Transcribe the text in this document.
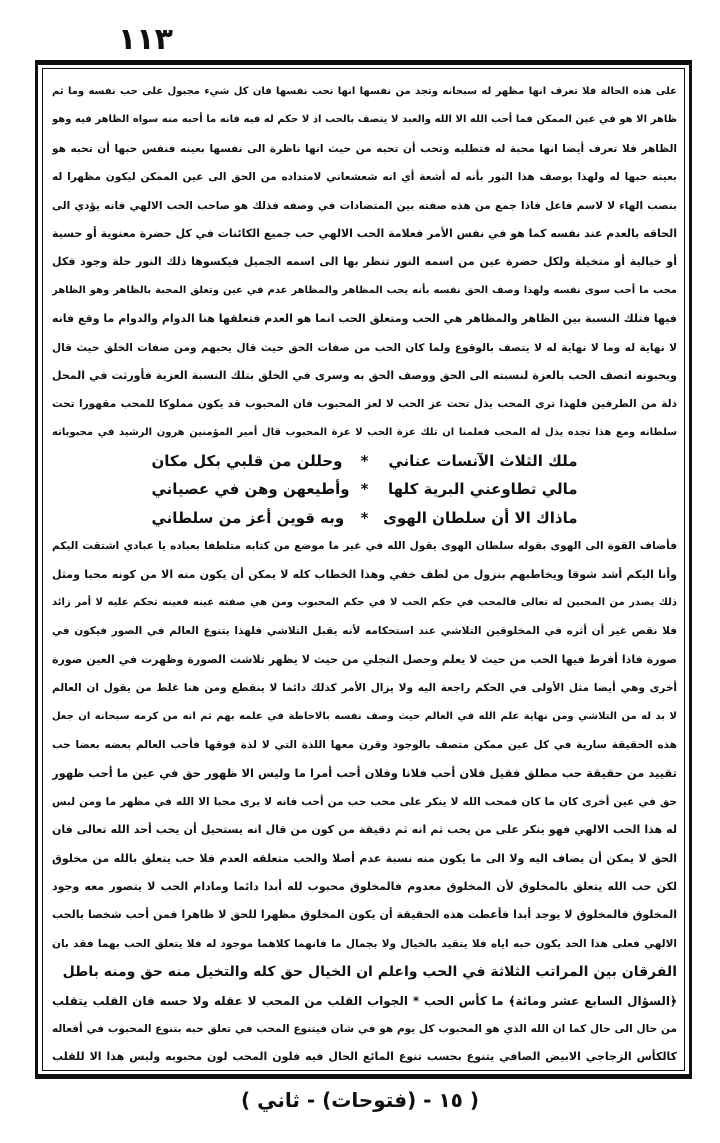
١١٣
على هذه الحالة فلا تعرف انها مظهر له سبحانه وتجد من نفسها انها تحب نفسها فان كل شيء مجبول على حب نفسه وما ثم
ظاهر الا هو في عين الممكن فما أحب الله الا الله والعبد لا يتصف بالحب اذ لا حكم له فيه فانه ما أحبه منه سواه الظاهر فيه وهو
الظاهر فلا تعرف أيضا انها محبة له فتطلبه وتحب أن تحبه من حيث انها ناظرة الى نفسها بعينه فنفس حبها أن تحبه هو
بعينه حبها له ولهذا يوصف هذا النور بأنه له أشعة أي انه شعشعاني لامتداده من الحق الى عين الممكن ليكون مظهرا له
بنصب الهاء لا لاسم فاعل فاذا جمع من هذه صفته بين المتضادات في وصفه فذلك هو صاحب الحب الالهي فانه يؤدي الى
الحاقه بالعدم عند نفسه كما هو في نفس الأمر فعلامة الحب الالهي حب جميع الكائنات في كل حضرة معنوية أو حسية
أو خيالية أو متخيلة ولكل حضرة عين من اسمه النور تنظر بها الى اسمه الجميل فيكسوها ذلك النور حلة وجود فكل
محب ما أحب سوى نفسه ولهذا وصف الحق نفسه بأنه يحب المظاهر والمظاهر عدم في عين وتعلق المحبة بالظاهر وهو الظاهر
فيها فتلك النسبة بين الظاهر والمظاهر هي الحب ومتعلق الحب انما هو العدم فتعلقها هنا الدوام والدوام ما وقع فانه
لا نهاية له وما لا نهاية له لا يتصف بالوقوع ولما كان الحب من صفات الحق حيث قال يحبهم ومن صفات الخلق حيث قال
ويحبونه اتصف الحب بالعزة لنسبته الى الحق ووصف الحق به وسرى في الخلق بتلك النسبة العزية فأورثت في المحل
ذلة من الطرفين فلهذا ترى المحب يذل تحت عز الحب لا لعز المحبوب فان المحبوب قد يكون مملوكا للمحب مقهورا تحت
سلطانه ومع هذا تجده يذل له المحب فعلمنا ان تلك عزة الحب لا عزة المحبوب قال أمير المؤمنين هرون الرشيد في محبوباته
ملك الثلاث الآنسات عناني*وحللن من قلبي بكل مكان
مالي تطاوعني البرية كلها*وأطيعهن وهن في عصياني
ماذاك الا أن سلطان الهوى*وبه قوين أعز من سلطاني
فأضاف القوة الى الهوى بقوله سلطان الهوى يقول الله في غير ما موضع من كتابه متلطفا بعباده يا عبادي اشتقت اليكم
وأنا اليكم أشد شوقا ويخاطبهم بنزول من لطف خفي وهذا الخطاب كله لا يمكن أن يكون منه الا من كونه محبا ومثل
ذلك يصدر من المحبين له تعالى فالمحب في حكم الحب لا في حكم المحبوب ومن هي صفته عينه فعينه تحكم عليه لا أمر زائد
فلا نقص غير أن أثره في المخلوقين التلاشي عند استحكامه لأنه يقبل التلاشي فلهذا يتنوع العالم في الصور فيكون في
صورة فاذا أفرط فيها الحب من حيث لا يعلم وحصل التجلي من حيث لا يظهر تلاشت الصورة وظهرت في العين صورة
أخرى وهي أيضا مثل الأولى في الحكم راجعة اليه ولا يزال الأمر كذلك دائما لا ينقطع ومن هنا غلط من يقول ان العالم
لا بد له من التلاشي ومن نهاية علم الله في العالم حيث وصف نفسه بالاحاطة في علمه بهم ثم انه من كرمه سبحانه ان جعل
هذه الحقيقة سارية في كل عين ممكن متصف بالوجود وقرن معها اللذة التي لا لذة فوقها فأحب العالم بعضه بعضا حب
تقييد من حقيقة حب مطلق فقيل فلان أحب فلانا وفلان أحب أمرا ما وليس الا ظهور حق في عين ما أحب ظهور
حق في عين أخرى كان ما كان فمحب الله لا ينكر على محب حب من أحب فانه لا يرى محبا الا الله في مظهر ما ومن لبس
له هذا الحب الالهي فهو ينكر على من يحب ثم انه ثم دقيقة من كون من قال انه يستحيل أن يحب أحد الله تعالى فان
الحق لا يمكن أن يضاف اليه ولا الى ما يكون منه نسبة عدم أصلا والحب متعلقه العدم فلا حب يتعلق بالله من مخلوق
لكن حب الله يتعلق بالمخلوق لأن المخلوق معدوم فالمخلوق محبوب لله أبدا دائما ومادام الحب لا يتصور معه وجود
المخلوق فالمخلوق لا يوجد أبدا فأعطت هذه الحقيقة أن يكون المخلوق مظهرا للحق لا ظاهرا فمن أحب شخصا بالحب
الالهي فعلى هذا الحد يكون حبه اياه فلا يتقيد بالخيال ولا بجمال ما فانهما كلاهما موجود له فلا يتعلق الحب بهما فقد بان
الفرقان بين المراتب الثلاثة في الحب واعلم ان الخيال حق كله والتخيل منه حق ومنه باطل
﴿السؤال السابع عشر ومائة﴾ ما كأس الحب * الجواب القلب من المحب لا عقله ولا حسه فان القلب يتقلب
من حال الى حال كما ان الله الذي هو المحبوب كل يوم هو في شان فيتنوع المحب في تعلق حبه بتنوع المحبوب في أفعاله
كالكأس الزجاجي الابيض الصافي يتنوع بحسب تنوع المائع الحال فيه فلون المحب لون محبوبه وليس هذا الا للقلب
( ١٥ - (فتوحات) - ثاني )
